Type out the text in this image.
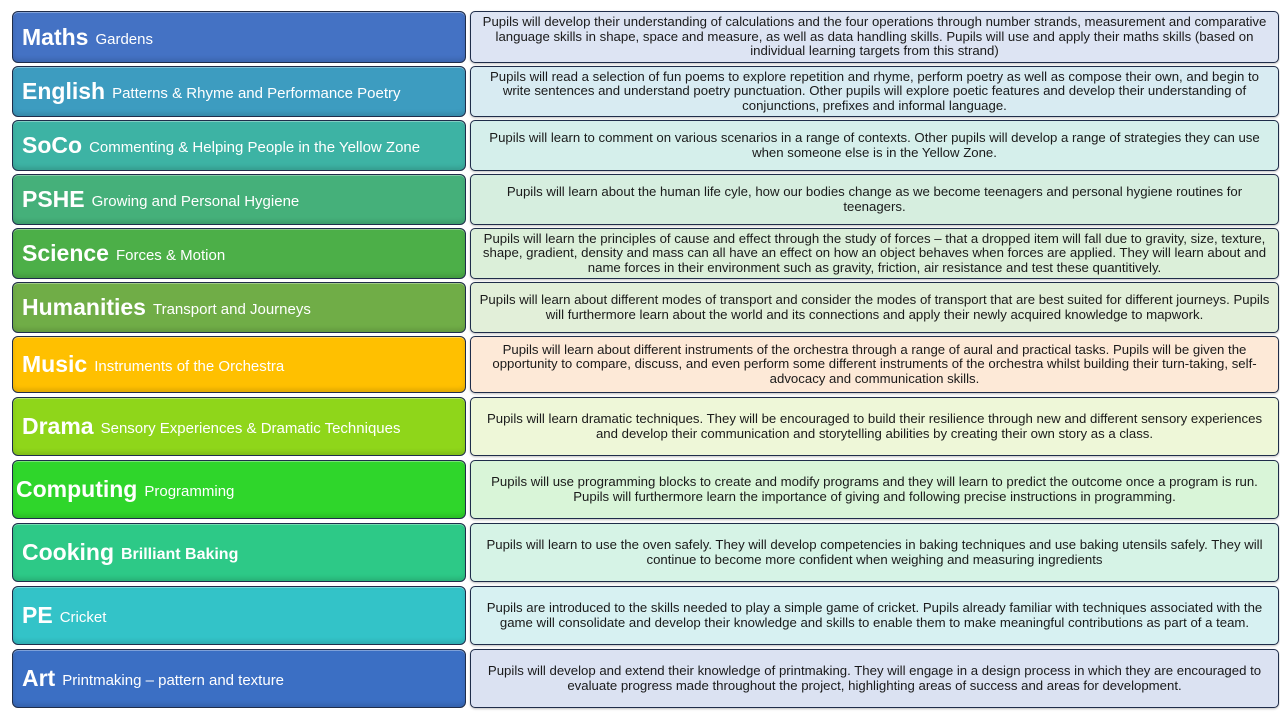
Maths Gardens

Pupils will develop their understanding of calculations and the four operations through number strands, measurement and comparative language skills in shape, space and measure, as well as data handling skills. Pupils will use and apply their maths skills (based on individual learning targets from this strand)

English Patterns & Rhyme and Performance Poetry

Pupils will read a selection of fun poems to explore repetition and rhyme, perform poetry as well as compose their own, and begin to write sentences and understand poetry punctuation. Other pupils will explore poetic features and develop their understanding of conjunctions, prefixes and informal language.

SoCo Commenting & Helping People in the Yellow Zone

Pupils will learn to comment on various scenarios in a range of contexts. Other pupils will develop a range of strategies they can use when someone else is in the Yellow Zone.

PSHE Growing and Personal Hygiene

Pupils will learn about the human life cyle, how our bodies change as we become teenagers and personal hygiene routines for teenagers.

Science Forces & Motion

Pupils will learn the principles of cause and effect through the study of forces – that a dropped item will fall due to gravity, size, texture, shape, gradient, density and mass can all have an effect on how an object behaves when forces are applied. They will learn about and name forces in their environment such as gravity, friction, air resistance and test these quantitively.

Humanities Transport and Journeys

Pupils will learn about different modes of transport and consider the modes of transport that are best suited for different journeys. Pupils will furthermore learn about the world and its connections and apply their newly acquired knowledge to mapwork.

Music Instruments of the Orchestra

Pupils will learn about different instruments of the orchestra through a range of aural and practical tasks. Pupils will be given the opportunity to compare, discuss, and even perform some different instruments of the orchestra whilst building their turn-taking, self-advocacy and communication skills.

Drama Sensory Experiences & Dramatic Techniques

Pupils will learn dramatic techniques. They will be encouraged to build their resilience through new and different sensory experiences and develop their communication and storytelling abilities by creating their own story as a class.

Computing Programming

Pupils will use programming blocks to create and modify programs and they will learn to predict the outcome once a program is run. Pupils will furthermore learn the importance of giving and following precise instructions in programming.

Cooking Brilliant Baking

Pupils will learn to use the oven safely. They will develop competencies in baking techniques and use baking utensils safely. They will continue to become more confident when weighing and measuring ingredients

PE Cricket

Pupils are introduced to the skills needed to play a simple game of cricket. Pupils already familiar with techniques associated with the game will consolidate and develop their knowledge and skills to enable them to make meaningful contributions as part of a team.

Art Printmaking – pattern and texture

Pupils will develop and extend their knowledge of printmaking. They will engage in a design process in which they are encouraged to evaluate progress made throughout the project, highlighting areas of success and areas for development.
